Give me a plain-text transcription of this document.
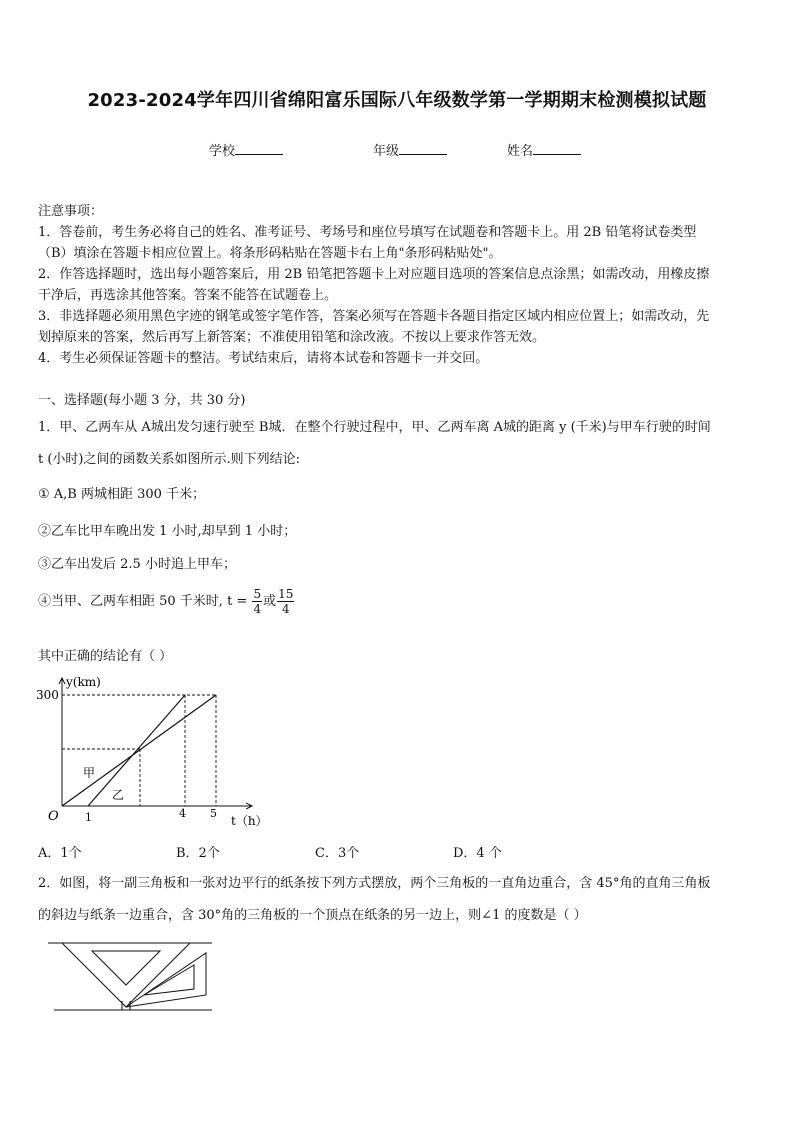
2023-2024学年四川省绵阳富乐国际八年级数学第一学期期末检测模拟试题
学校	年级	姓名
注意事项：
1．答卷前，考生务必将自己的姓名、准考证号、考场号和座位号填写在试题卷和答题卡上。用 2B 铅笔将试卷类型
（B）填涂在答题卡相应位置上。将条形码粘贴在答题卡右上角"条形码粘贴处"。
2．作答选择题时，选出每小题答案后，用 2B 铅笔把答题卡上对应题目选项的答案信息点涂黑；如需改动，用橡皮擦
干净后，再选涂其他答案。答案不能答在试题卷上。
3．非选择题必须用黑色字迹的钢笔或签字笔作答，答案必须写在答题卡各题目指定区域内相应位置上；如需改动，先
划掉原来的答案，然后再写上新答案；不准使用铅笔和涂改液。不按以上要求作答无效。
4．考生必须保证答题卡的整洁。考试结束后，请将本试卷和答题卡一并交回。
一、选择题(每小题 3 分，共 30 分)
1．甲、乙两车从 A城出发匀速行驶至 B城．在整个行驶过程中，甲、乙两车离 A城的距离 y (千米)与甲车行驶的时间
t (小时)之间的函数关系如图所示.则下列结论:
① A,B 两城相距 300 千米；
②乙车比甲车晚出发 1 小时,却早到 1 小时；
③乙车出发后 2.5 小时追上甲车；
④当甲、乙两车相距 50 千米时, $t = \frac{5}{4}$ 或 $\frac{15}{4}$
其中正确的结论有（ ）
y(km)
t（h）
O
300
1	4 5
甲
乙
A．1个	B．2个	C．3个	D．4 个
2．如图，将一副三角板和一张对边平行的纸条按下列方式摆放，两个三角板的一直角边重合，含 45°角的直角三角板
的斜边与纸条一边重合，含 30°角的三角板的一个顶点在纸条的另一边上，则∠1 的度数是（ ）
